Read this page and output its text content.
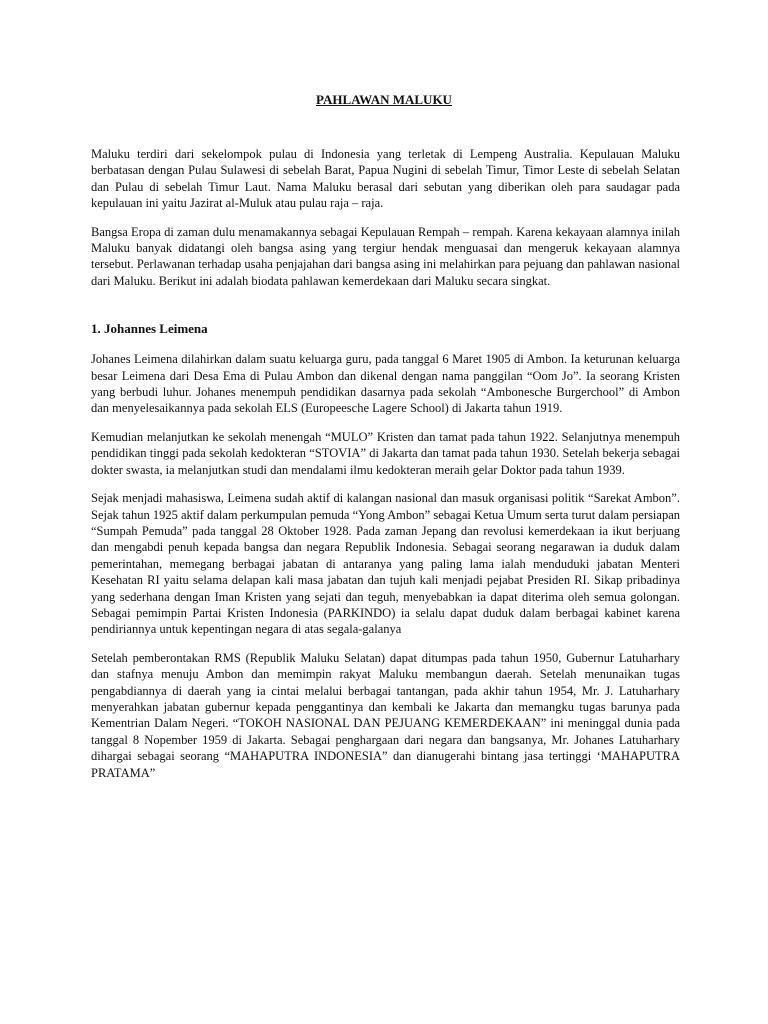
PAHLAWAN MALUKU

Maluku terdiri dari sekelompok pulau di Indonesia yang terletak di Lempeng Australia. Kepulauan Maluku berbatasan dengan Pulau Sulawesi di sebelah Barat, Papua Nugini di sebelah Timur, Timor Leste di sebelah Selatan dan Pulau di sebelah Timur Laut. Nama Maluku berasal dari sebutan yang diberikan oleh para saudagar pada kepulauan ini yaitu Jazirat al-Muluk atau pulau raja – raja.

Bangsa Eropa di zaman dulu menamakannya sebagai Kepulauan Rempah – rempah. Karena kekayaan alamnya inilah Maluku banyak didatangi oleh bangsa asing yang tergiur hendak menguasai dan mengeruk kekayaan alamnya tersebut. Perlawanan terhadap usaha penjajahan dari bangsa asing ini melahirkan para pejuang dan pahlawan nasional dari Maluku. Berikut ini adalah biodata pahlawan kemerdekaan dari Maluku secara singkat.

1. Johannes Leimena

Johanes Leimena dilahirkan dalam suatu keluarga guru, pada tanggal 6 Maret 1905 di Ambon. Ia keturunan keluarga besar Leimena dari Desa Ema di Pulau Ambon dan dikenal dengan nama panggilan “Oom Jo”. Ia seorang Kristen yang berbudi luhur. Johanes menempuh pendidikan dasarnya pada sekolah “Ambonesche Burgerchool” di Ambon dan menyelesaikannya pada sekolah ELS (Europeesche Lagere School) di Jakarta tahun 1919.

Kemudian melanjutkan ke sekolah menengah “MULO” Kristen dan tamat pada tahun 1922. Selanjutnya menempuh pendidikan tinggi pada sekolah kedokteran “STOVIA” di Jakarta dan tamat pada tahun 1930. Setelah bekerja sebagai dokter swasta, ia melanjutkan studi dan mendalami ilmu kedokteran meraih gelar Doktor pada tahun 1939.

Sejak menjadi mahasiswa, Leimena sudah aktif di kalangan nasional dan masuk organisasi politik “Sarekat Ambon”. Sejak tahun 1925 aktif dalam perkumpulan pemuda “Yong Ambon” sebagai Ketua Umum serta turut dalam persiapan “Sumpah Pemuda” pada tanggal 28 Oktober 1928. Pada zaman Jepang dan revolusi kemerdekaan ia ikut berjuang dan mengabdi penuh kepada bangsa dan negara Republik Indonesia. Sebagai seorang negarawan ia duduk dalam pemerintahan, memegang berbagai jabatan di antaranya yang paling lama ialah menduduki jabatan Menteri Kesehatan RI yaitu selama delapan kali masa jabatan dan tujuh kali menjadi pejabat Presiden RI. Sikap pribadinya yang sederhana dengan Iman Kristen yang sejati dan teguh, menyebabkan ia dapat diterima oleh semua golongan. Sebagai pemimpin Partai Kristen Indonesia (PARKINDO) ia selalu dapat duduk dalam berbagai kabinet karena pendiriannya untuk kepentingan negara di atas segala-galanya

Setelah pemberontakan RMS (Republik Maluku Selatan) dapat ditumpas pada tahun 1950, Gubernur Latuharhary dan stafnya menuju Ambon dan memimpin rakyat Maluku membangun daerah. Setelah menunaikan tugas pengabdiannya di daerah yang ia cintai melalui berbagai tantangan, pada akhir tahun 1954, Mr. J. Latuharhary menyerahkan jabatan gubernur kepada penggantinya dan kembali ke Jakarta dan memangku tugas barunya pada Kementrian Dalam Negeri. “TOKOH NASIONAL DAN PEJUANG KEMERDEKAAN” ini meninggal dunia pada tanggal 8 Nopember 1959 di Jakarta. Sebagai penghargaan dari negara dan bangsanya, Mr. Johanes Latuharhary dihargai sebagai seorang “MAHAPUTRA INDONESIA” dan dianugerahi bintang jasa tertinggi ‘MAHAPUTRA PRATAMA”
